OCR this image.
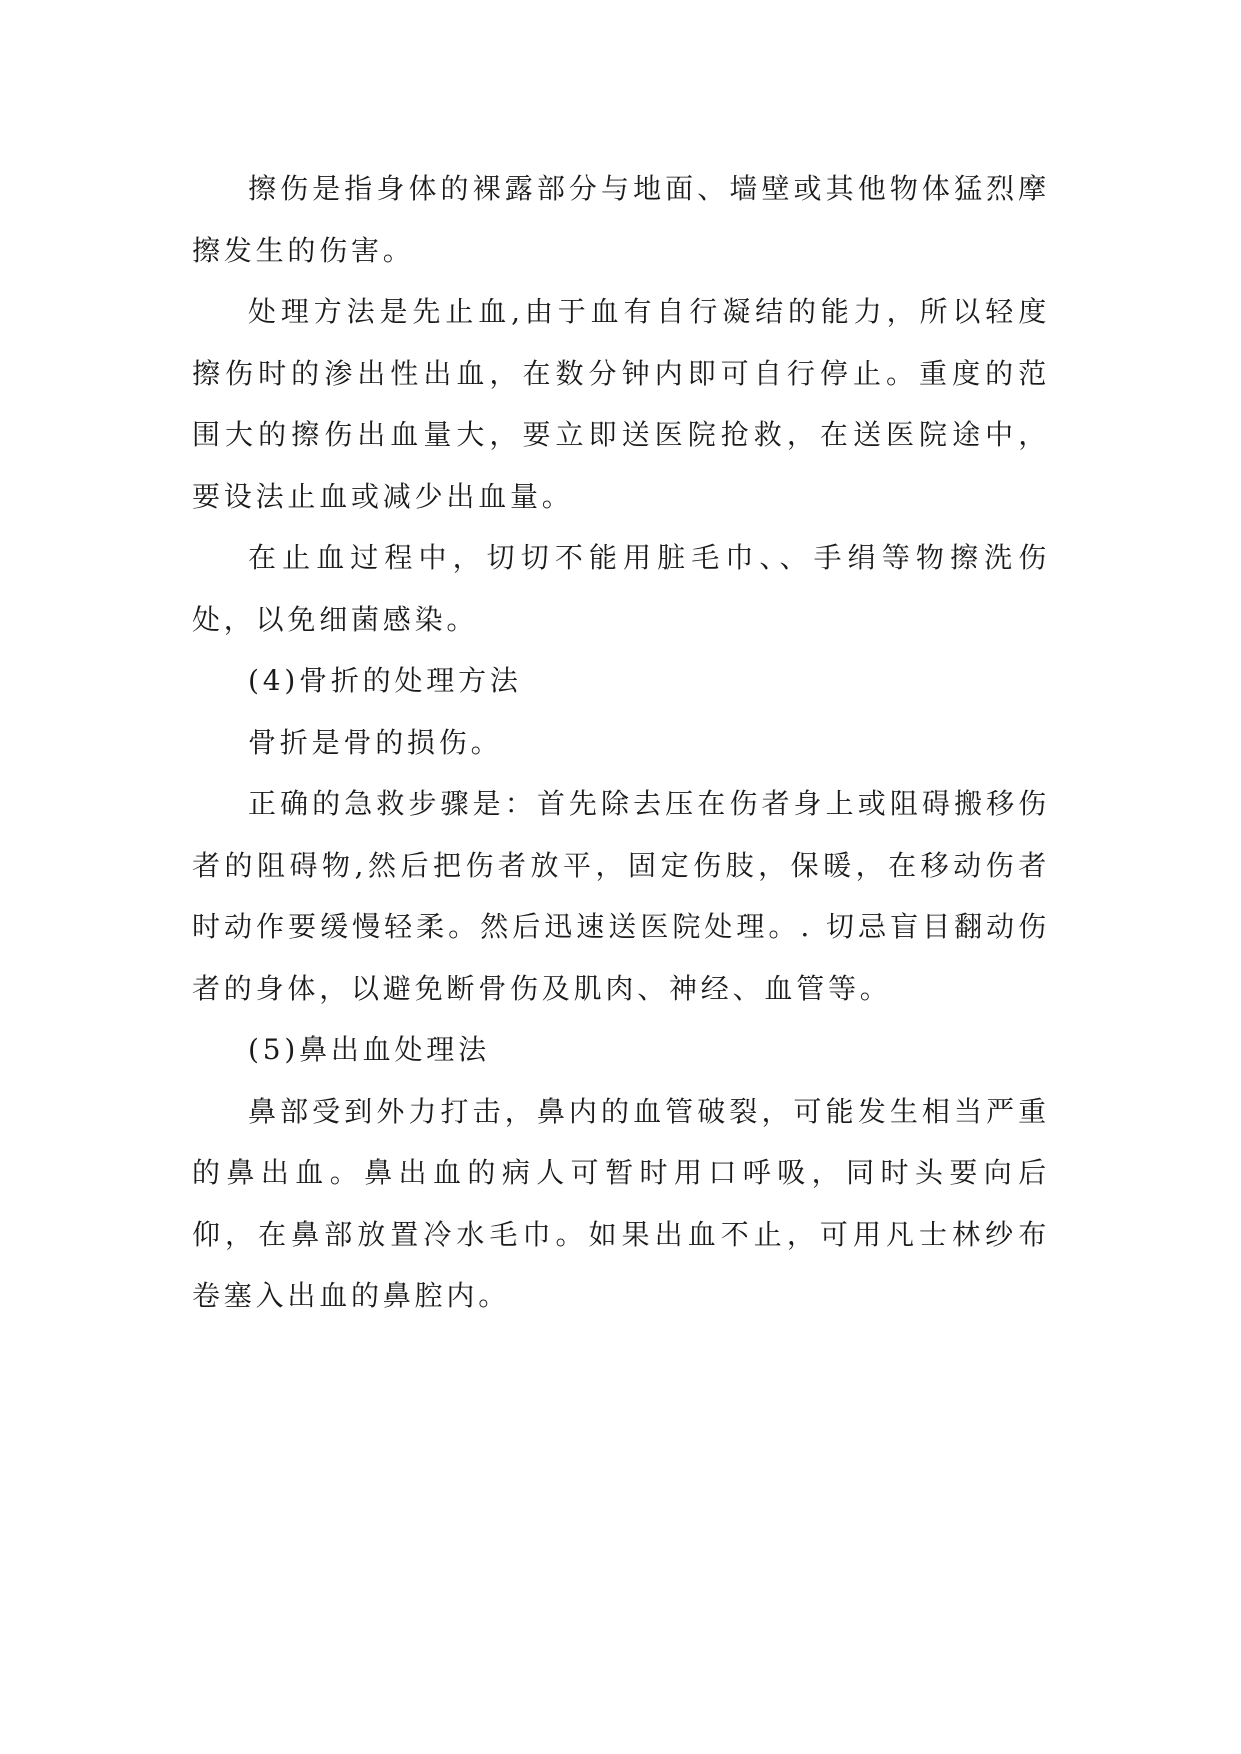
擦伤是指身体的裸露部分与地面、墙壁或其他物体猛烈摩擦发生的伤害。

处理方法是先止血,由于血有自行凝结的能力，所以轻度擦伤时的渗出性出血，在数分钟内即可自行停止。重度的范围大的擦伤出血量大，要立即送医院抢救，在送医院途中，要设法止血或减少出血量。

在止血过程中，切切不能用脏毛巾、、手绢等物擦洗伤处，以免细菌感染。

(4)骨折的处理方法

骨折是骨的损伤。

正确的急救步骤是：首先除去压在伤者身上或阻碍搬移伤者的阻碍物,然后把伤者放平，固定伤肢，保暖，在移动伤者时动作要缓慢轻柔。然后迅速送医院处理。. 切忌盲目翻动伤者的身体，以避免断骨伤及肌肉、神经、血管等。

(5)鼻出血处理法

鼻部受到外力打击，鼻内的血管破裂，可能发生相当严重的鼻出血。鼻出血的病人可暂时用口呼吸，同时头要向后仰，在鼻部放置冷水毛巾。如果出血不止，可用凡士林纱布卷塞入出血的鼻腔内。
